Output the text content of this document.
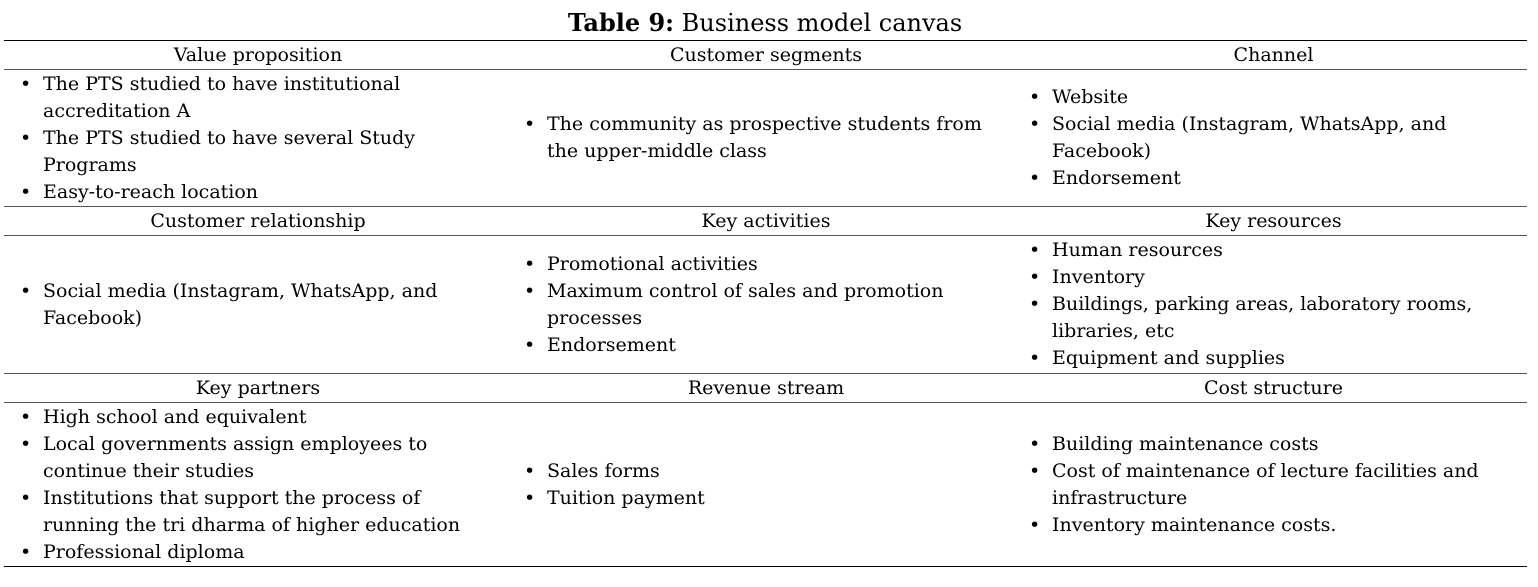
Table 9: Business model canvas
Value proposition
• The PTS studied to have institutional
accreditation A
• The PTS studied to have several Study
Programs
• Easy-to-reach location
Customer segments
• The community as prospective students from
the upper-middle class
Channel
• Website
• Social media (Instagram, WhatsApp, and
Facebook)
• Endorsement
Customer relationship
• Social media (Instagram, WhatsApp, and
Facebook)
Key activities
• Promotional activities
• Maximum control of sales and promotion
processes
• Endorsement
Key resources
• Human resources
• Inventory
• Buildings, parking areas, laboratory rooms,
libraries, etc
• Equipment and supplies
Key partners
• High school and equivalent
• Local governments assign employees to
continue their studies
• Institutions that support the process of
running the tri dharma of higher education
• Professional diploma
Revenue stream
• Sales forms
• Tuition payment
Cost structure
• Building maintenance costs
• Cost of maintenance of lecture facilities and
infrastructure
• Inventory maintenance costs.
